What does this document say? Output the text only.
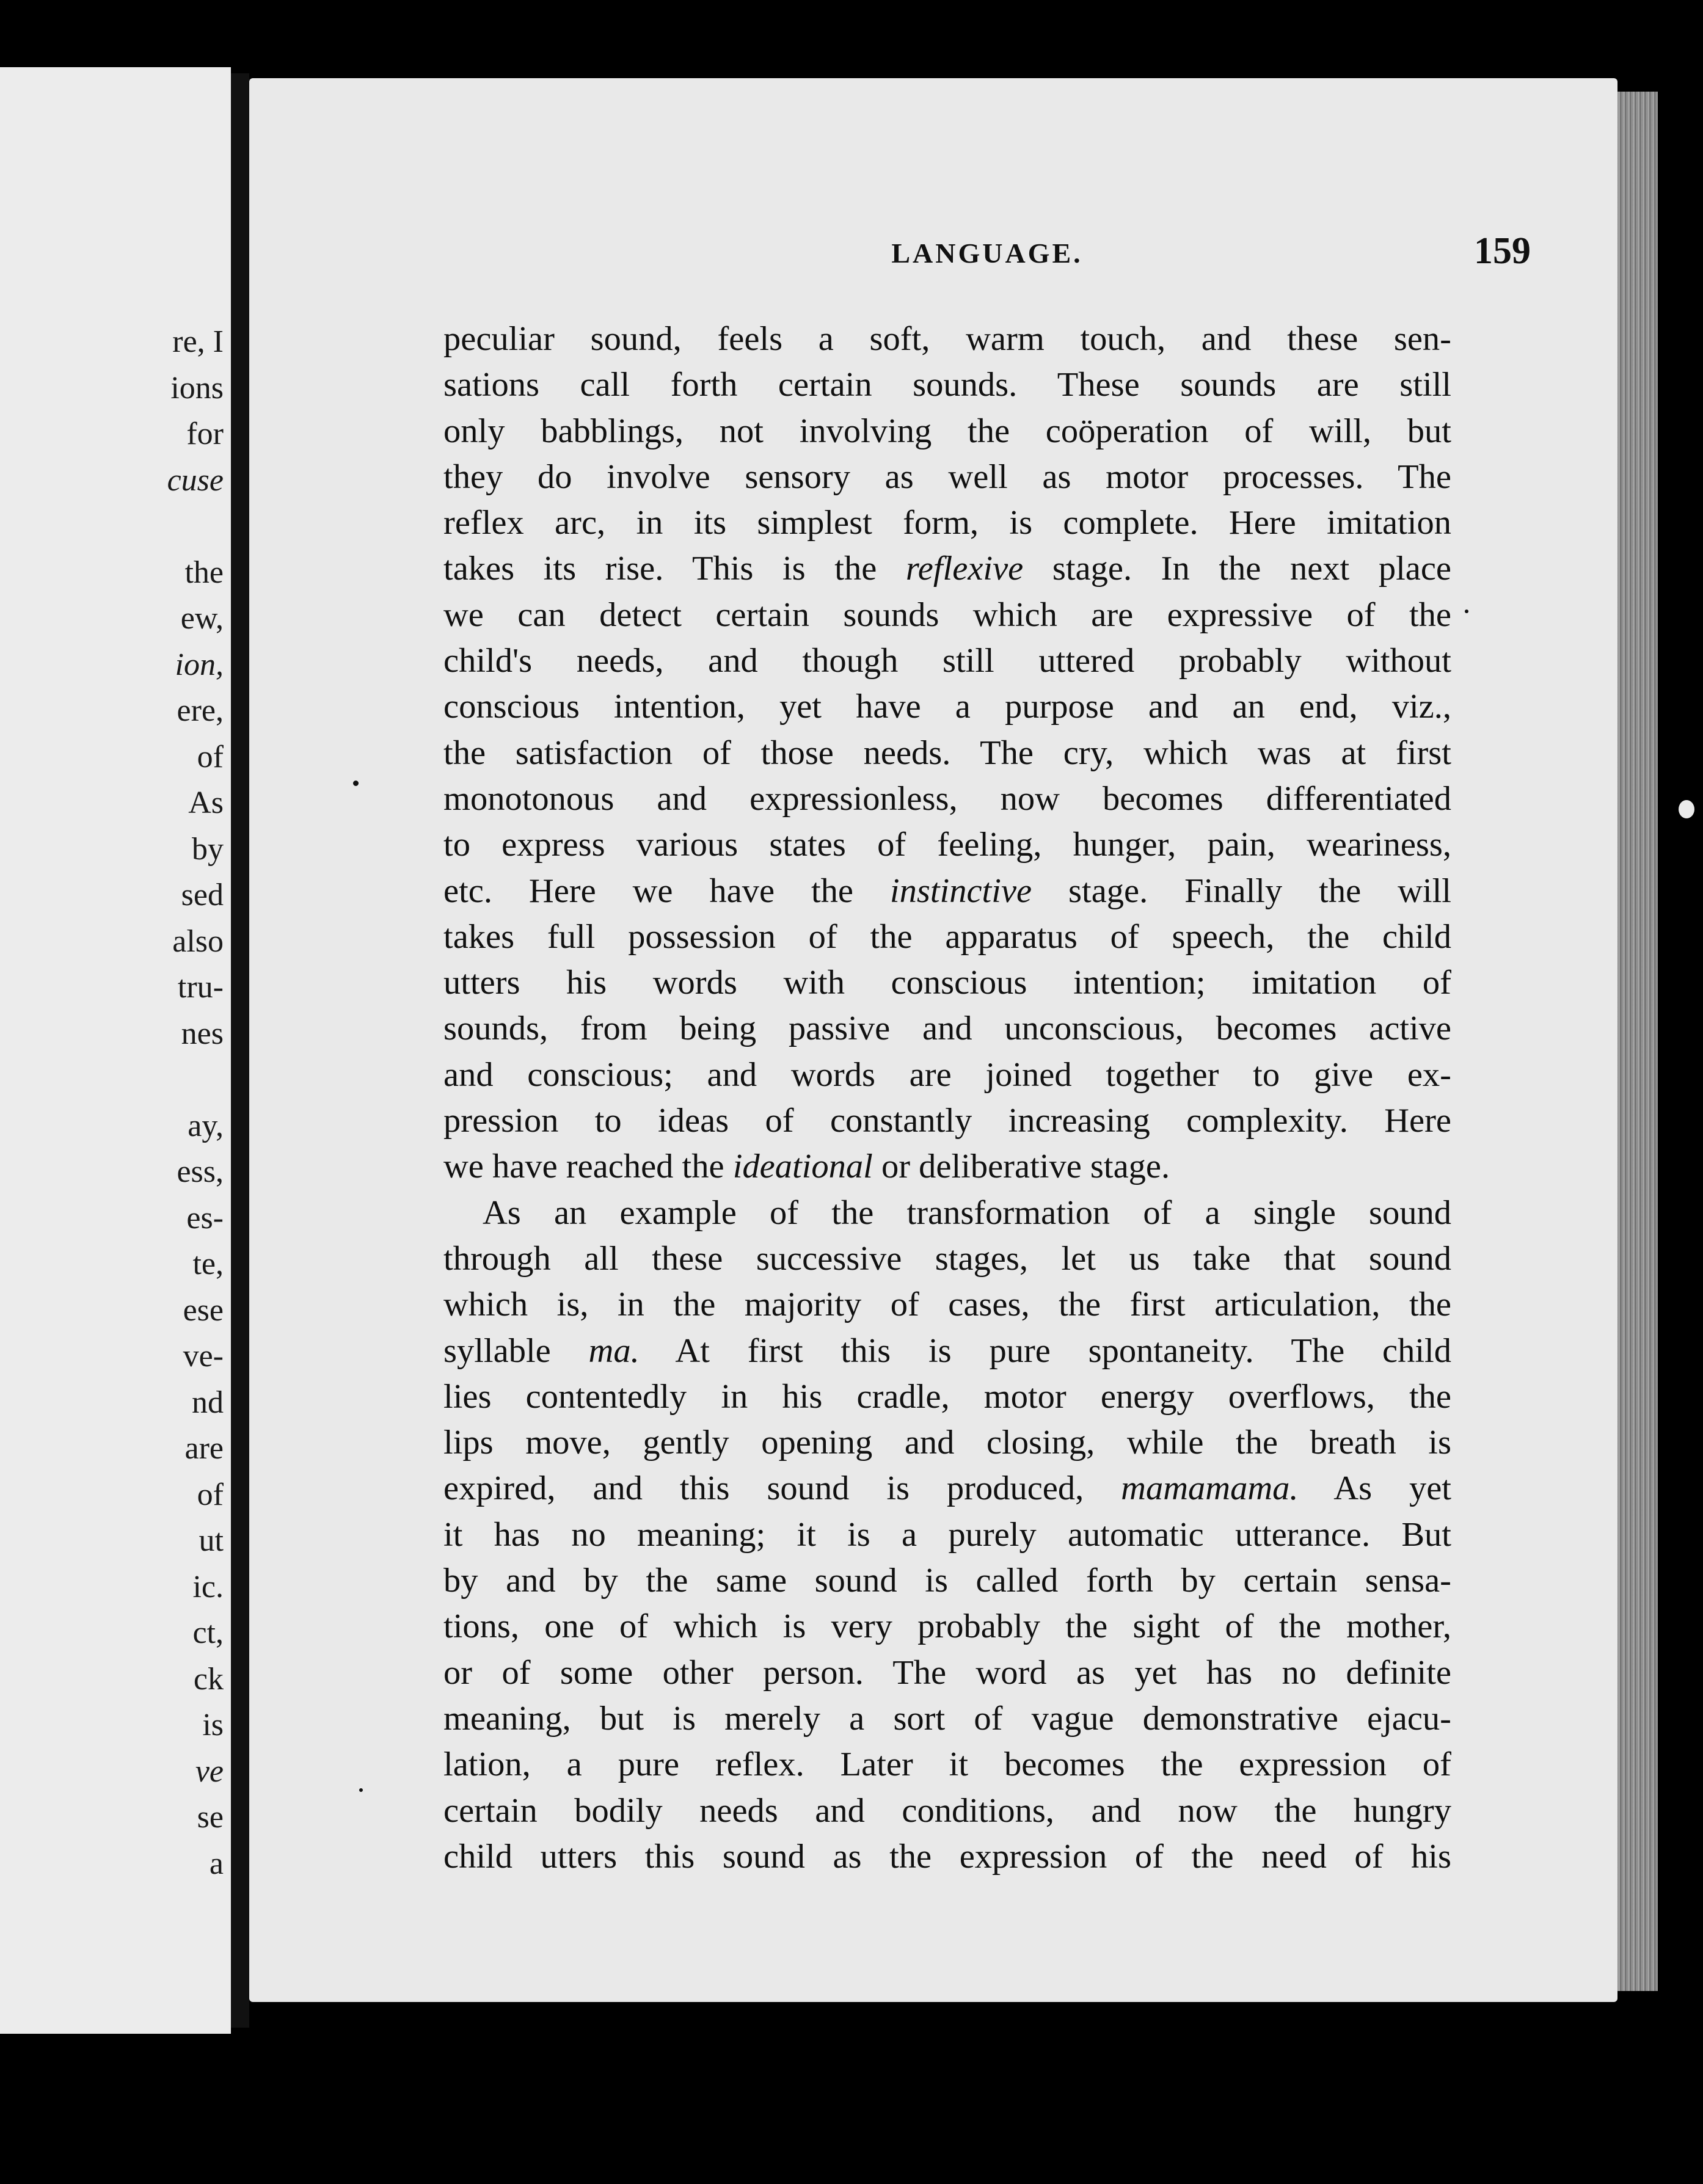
re, I
ions
for
cuse
the
ew,
ion,
ere,
of
As
by
sed
also
tru-
nes
ay,
ess,
es-
te,
ese
ve-
nd
are
of
ut
ic.
ct,
ck
is
ve
se
a
LANGUAGE.	159
peculiar sound, feels a soft, warm touch, and these sen-
sations call forth certain sounds. These sounds are still
only babblings, not involving the coöperation of will, but
they do involve sensory as well as motor processes. The
reflex arc, in its simplest form, is complete. Here imitation
takes its rise. This is the reflexive stage. In the next place
we can detect certain sounds which are expressive of the
child's needs, and though still uttered probably without
conscious intention, yet have a purpose and an end, viz.,
the satisfaction of those needs. The cry, which was at first
monotonous and expressionless, now becomes differentiated
to express various states of feeling, hunger, pain, weariness,
etc. Here we have the instinctive stage. Finally the will
takes full possession of the apparatus of speech, the child
utters his words with conscious intention; imitation of
sounds, from being passive and unconscious, becomes active
and conscious; and words are joined together to give ex-
pression to ideas of constantly increasing complexity. Here
we have reached the ideational or deliberative stage.
As an example of the transformation of a single sound
through all these successive stages, let us take that sound
which is, in the majority of cases, the first articulation, the
syllable ma. At first this is pure spontaneity. The child
lies contentedly in his cradle, motor energy overflows, the
lips move, gently opening and closing, while the breath is
expired, and this sound is produced, mamamama. As yet
it has no meaning; it is a purely automatic utterance. But
by and by the same sound is called forth by certain sensa-
tions, one of which is very probably the sight of the mother,
or of some other person. The word as yet has no definite
meaning, but is merely a sort of vague demonstrative ejacu-
lation, a pure reflex. Later it becomes the expression of
certain bodily needs and conditions, and now the hungry
child utters this sound as the expression of the need of his
